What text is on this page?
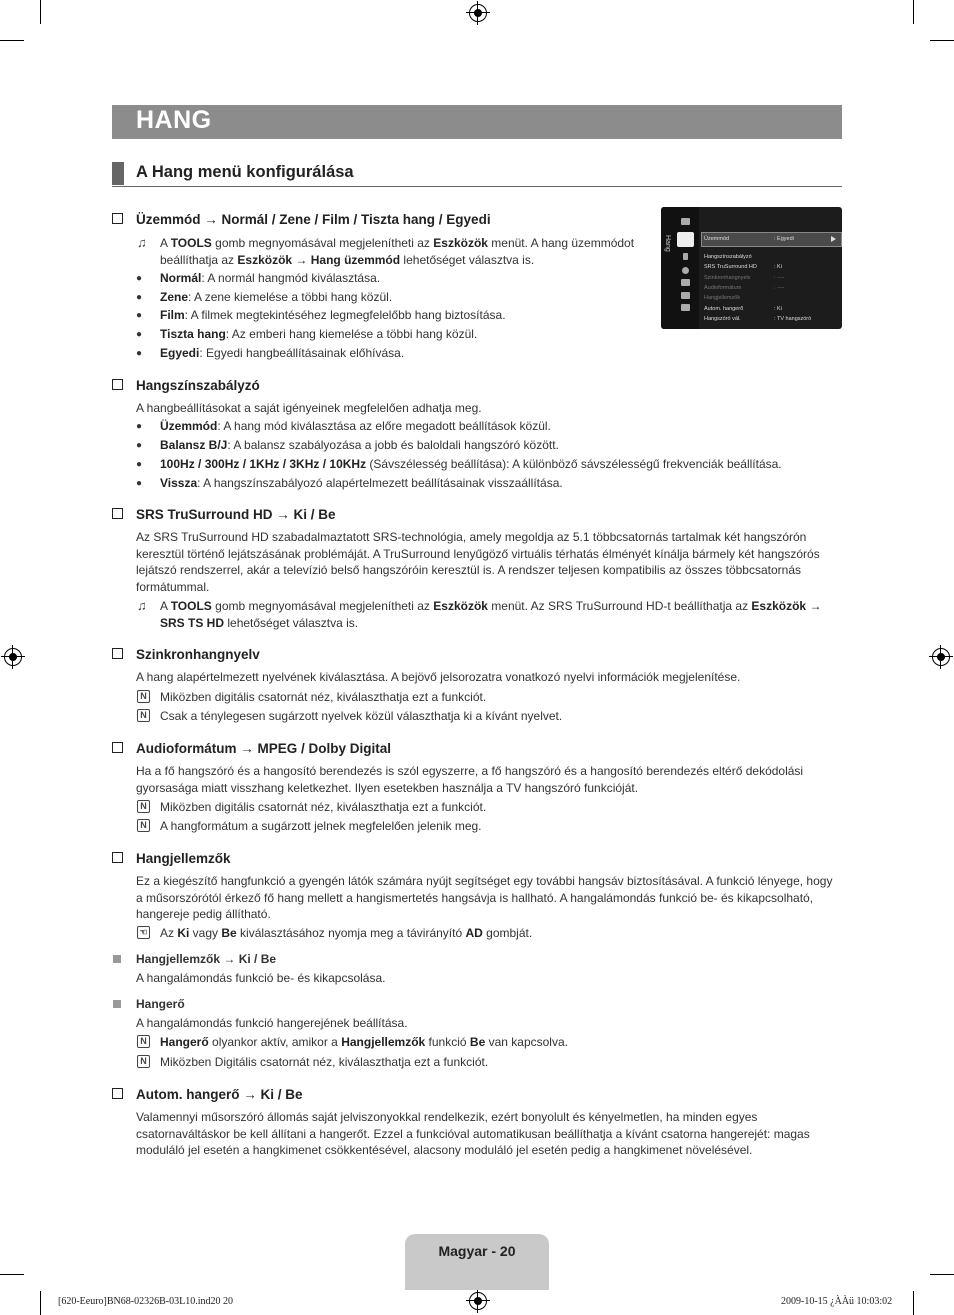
HANG
A Hang menü konfigurálása
Hang	Üzemmód	: Egyedi
Hangszínszabályzó
SRS TruSurround HD	: Ki
Szinkronhangnyelv	: ----
Audioformátum	: ----
Hangjellemzők
Autom. hangerő	: Ki
Hangszóró vál.	: TV hangszóró
Üzemmód → Normál / Zene / Film / Tiszta hang / Egyedi
♫ A TOOLS gomb megnyomásával megjelenítheti az Eszközök menüt. A hang üzemmódot
beállíthatja az Eszközök → Hang üzemmód lehetőséget választva is.
● Normál: A normál hangmód kiválasztása.
● Zene: A zene kiemelése a többi hang közül.
● Film: A filmek megtekintéséhez legmegfelelőbb hang biztosítása.
● Tiszta hang: Az emberi hang kiemelése a többi hang közül.
● Egyedi: Egyedi hangbeállításainak előhívása.
Hangszínszabályzó
A hangbeállításokat a saját igényeinek megfelelően adhatja meg.
● Üzemmód: A hang mód kiválasztása az előre megadott beállítások közül.
● Balansz B/J: A balansz szabályozása a jobb és baloldali hangszóró között.
● 100Hz / 300Hz / 1KHz / 3KHz / 10KHz (Sávszélesség beállítása): A különböző sávszélességű frekvenciák beállítása.
● Vissza: A hangszínszabályozó alapértelmezett beállításainak visszaállítása.
SRS TruSurround HD → Ki / Be
Az SRS TruSurround HD szabadalmaztatott SRS-technológia, amely megoldja az 5.1 többcsatornás tartalmak két hangszórón keresztül történő lejátszásának problémáját. A TruSurround lenyűgöző virtuális térhatás élményét kínálja bármely két hangszórós lejátszó rendszerrel, akár a televízió belső hangszóróin keresztül is. A rendszer teljesen kompatibilis az összes többcsatornás formátummal.
♫ A TOOLS gomb megnyomásával megjelenítheti az Eszközök menüt. Az SRS TruSurround HD-t beállíthatja az Eszközök →
SRS TS HD lehetőséget választva is.
Szinkronhangnyelv
A hang alapértelmezett nyelvének kiválasztása. A bejövő jelsorozatra vonatkozó nyelvi információk megjelenítése.
N Miközben digitális csatornát néz, kiválaszthatja ezt a funkciót.
N Csak a ténylegesen sugárzott nyelvek közül választhatja ki a kívánt nyelvet.
Audioformátum → MPEG / Dolby Digital
Ha a fő hangszóró és a hangosító berendezés is szól egyszerre, a fő hangszóró és a hangosító berendezés eltérő dekódolási gyorsasága miatt visszhang keletkezhet. Ilyen esetekben használja a TV hangszóró funkcióját.
N Miközben digitális csatornát néz, kiválaszthatja ezt a funkciót.
N A hangformátum a sugárzott jelnek megfelelően jelenik meg.
Hangjellemzők
Ez a kiegészítő hangfunkció a gyengén látók számára nyújt segítséget egy további hangsáv biztosításával. A funkció lényege, hogy a műsorszórótól érkező fő hang mellett a hangismertetés hangsávja is hallható. A hangalámondás funkció be- és kikapcsolható, hangereje pedig állítható.
☜ Az Ki vagy Be kiválasztásához nyomja meg a távirányító AD gombját.
Hangjellemzők → Ki / Be
A hangalámondás funkció be- és kikapcsolása.
Hangerő
A hangalámondás funkció hangerejének beállítása.
N Hangerő olyankor aktív, amikor a Hangjellemzők funkció Be van kapcsolva.
N Miközben Digitális csatornát néz, kiválaszthatja ezt a funkciót.
Autom. hangerő → Ki / Be
Valamennyi műsorszóró állomás saját jelviszonyokkal rendelkezik, ezért bonyolult és kényelmetlen, ha minden egyes csatornaváltáskor be kell állítani a hangerőt. Ezzel a funkcióval automatikusan beállíthatja a kívánt csatorna hangerejét: magas moduláló jel esetén a hangkimenet csökkentésével, alacsony moduláló jel esetén pedig a hangkimenet növelésével.
Magyar - 20
[620-Eeuro]BN68-02326B-03L10.ind20 20	2009-10-15 ¿ÀÀü 10:03:02
